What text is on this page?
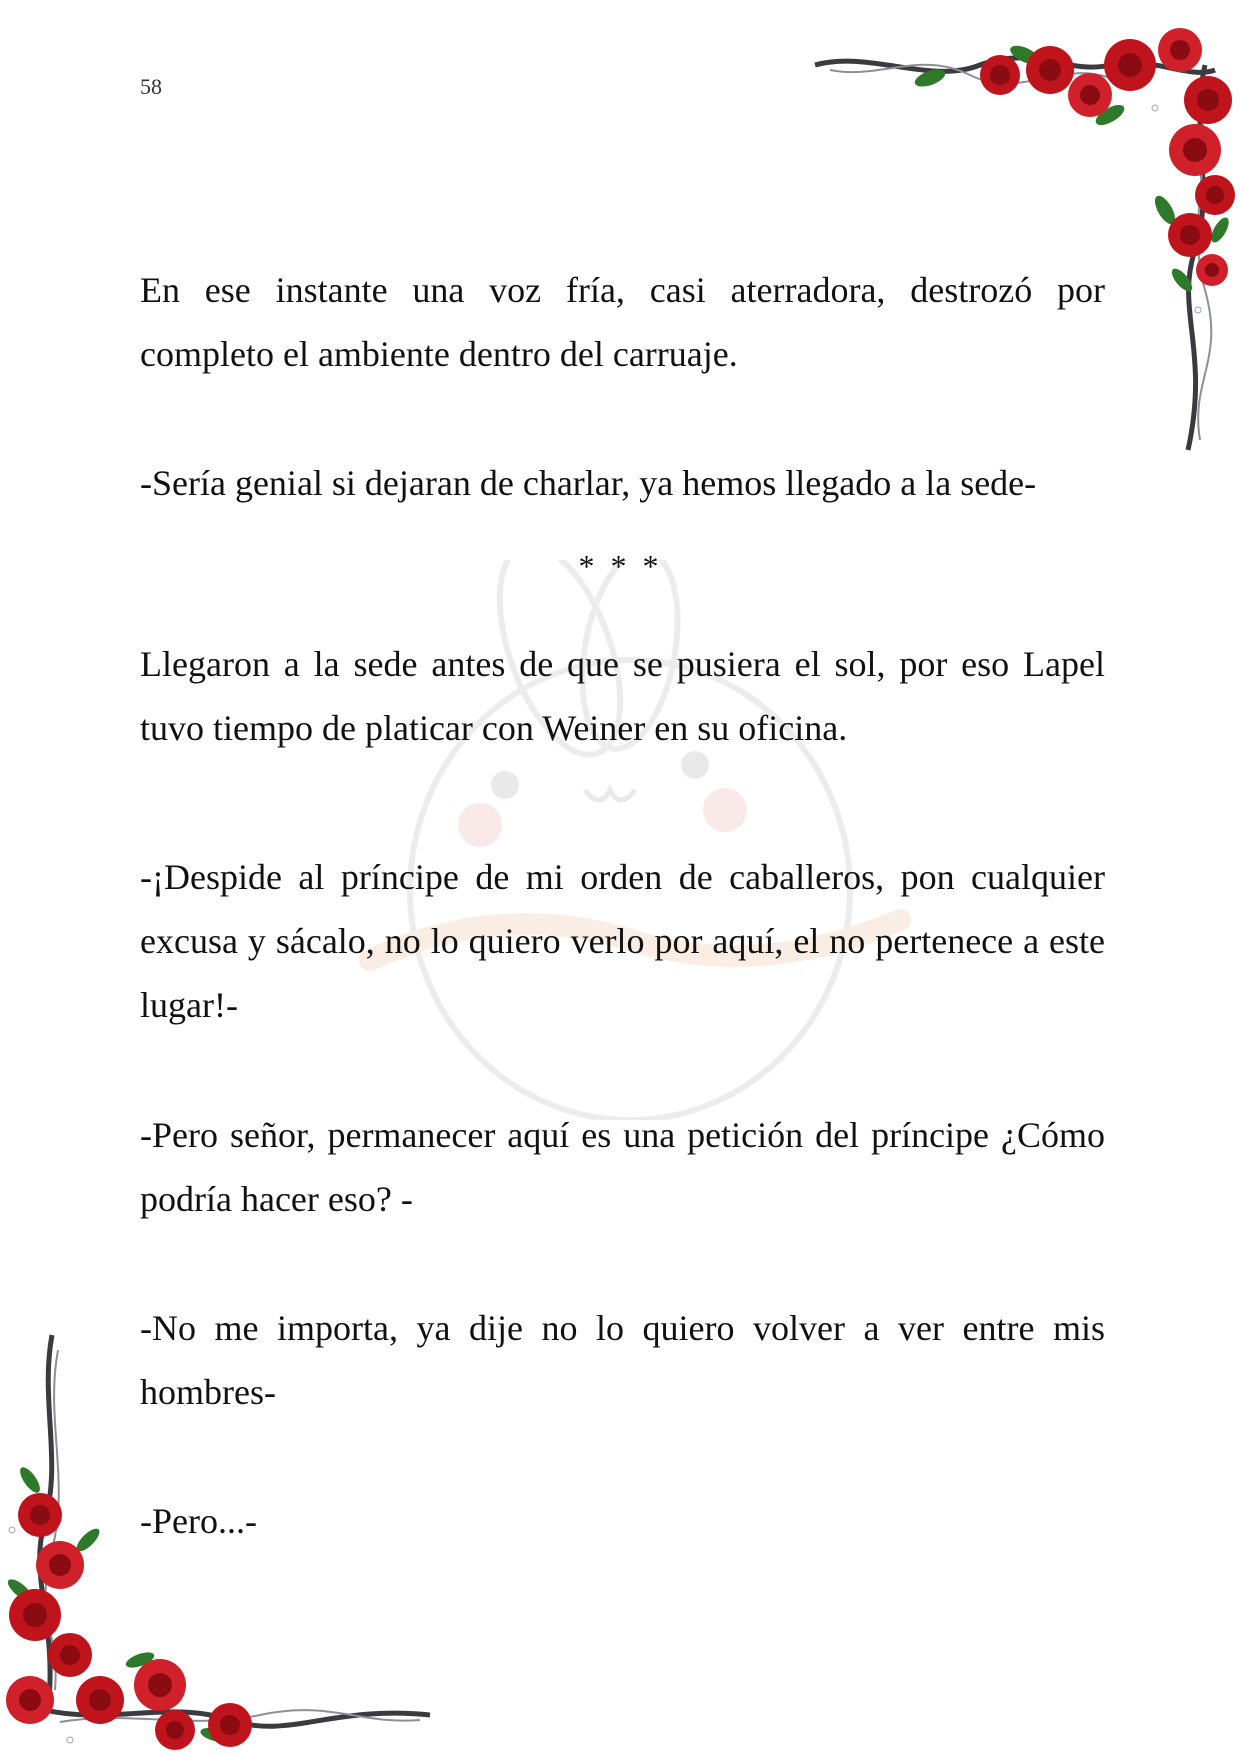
58

En ese instante una voz fría, casi aterradora, destrozó por completo el ambiente dentro del carruaje.

-Sería genial si dejaran de charlar, ya hemos llegado a la sede-

* * *

Llegaron a la sede antes de que se pusiera el sol, por eso Lapel tuvo tiempo de platicar con Weiner en su oficina.

-¡Despide al príncipe de mi orden de caballeros, pon cualquier excusa y sácalo, no lo quiero verlo por aquí, el no pertenece a este lugar!-

-Pero señor, permanecer aquí es una petición del príncipe ¿Cómo podría hacer eso? -

-No me importa, ya dije no lo quiero volver a ver entre mis hombres-

-Pero...-
